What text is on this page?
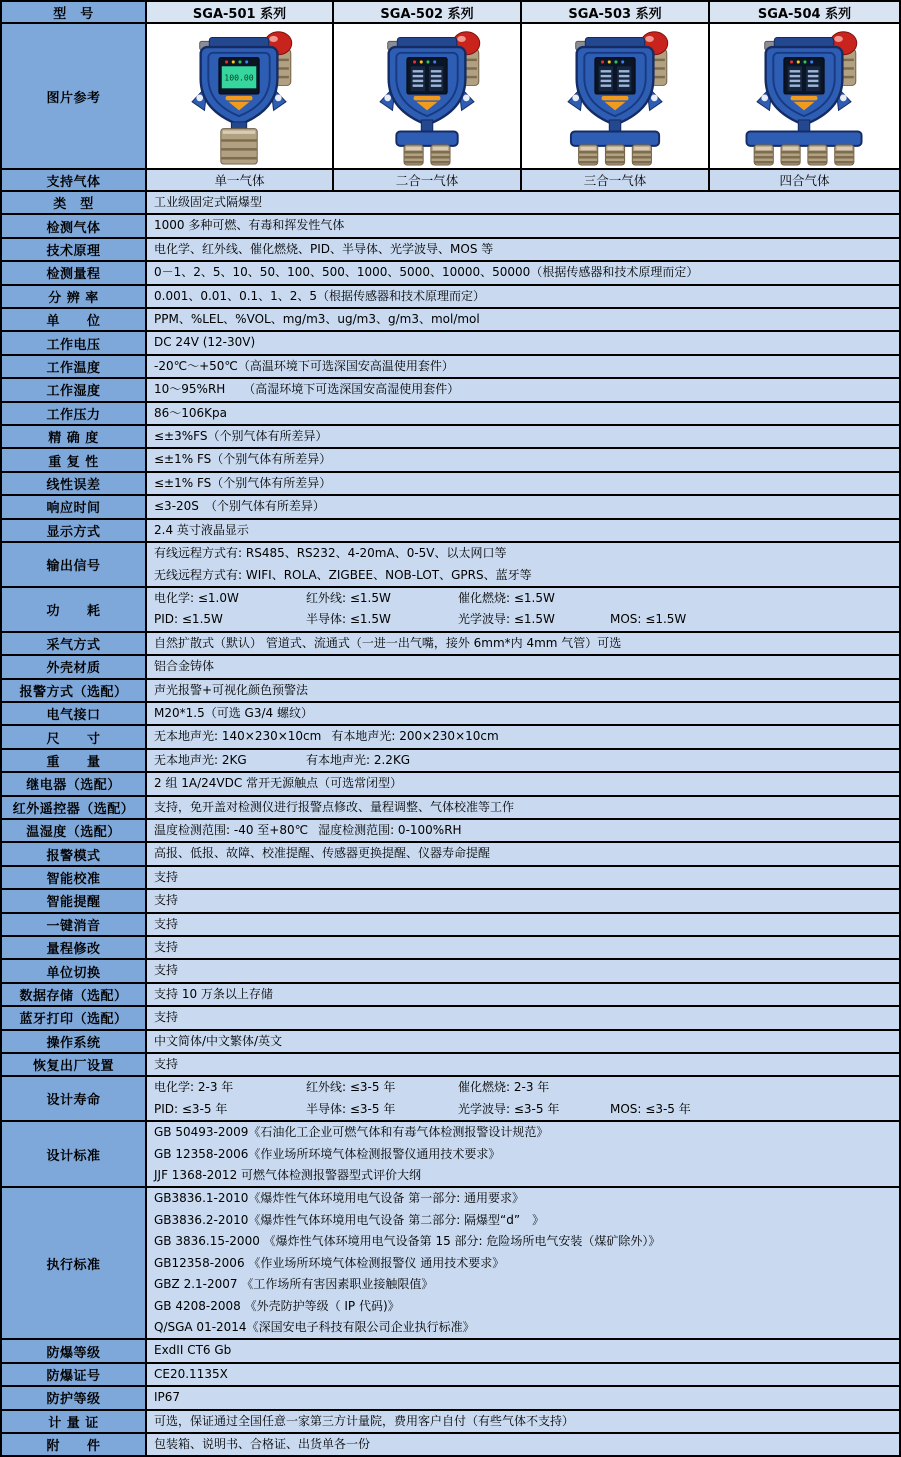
型　号	SGA-501 系列	SGA-502 系列	SGA-503 系列	SGA-504 系列
图片参考	100.00

支持气体	单一气体	二合一气体	三合一气体	四合气体
类　型	工业级固定式隔爆型			

检测气体	1000 多种可燃、有毒和挥发性气体			

技术原理	电化学、红外线、催化燃烧、PID、半导体、光学波导、MOS 等			

检测量程	0－1、2、5、10、50、100、500、1000、5000、10000、50000（根据传感器和技术原理而定）			

分 辨 率	0.001、0.01、0.1、1、2、5（根据传感器和技术原理而定）			

单　　位	PPM、%LEL、%VOL、mg/m3、ug/m3、g/m3、mol/mol			

工作电压	DC 24V (12-30V)			

工作温度	-20℃～+50℃（高温环境下可选深国安高温使用套件）			

工作湿度	10～95%RH　　（高湿环境下可选深国安高湿使用套件）			

工作压力	86～106Kpa			

精 确 度	≤±3%FS（个别气体有所差异）			

重 复 性	≤±1% FS（个别气体有所差异）			

线性误差	≤±1% FS（个别气体有所差异）			

响应时间	≤3-20S　（个别气体有所差异）			

显示方式	2.4 英寸液晶显示			

输出信号	有线远程方式有: RS485、RS232、4-20mA、0-5V、以太网口等
无线远程方式有: WIFI、ROLA、ZIGBEE、NOB-LOT、GPRS、蓝牙等			

功　　耗	电化学: ≤1.0W 红外线: ≤1.5W 催化燃烧: ≤1.5W
PID: ≤1.5W 半导体: ≤1.5W 光学波导: ≤1.5W MOS: ≤1.5W			

采气方式	自然扩散式（默认） 管道式、流通式（一进一出气嘴，接外 6mm*内 4mm 气管）可选			

外壳材质	铝合金铸体			

报警方式（选配）	声光报警+可视化颜色预警法			

电气接口	M20*1.5（可选 G3/4 螺纹）			

尺　　寸	无本地声光: 140×230×10cm 有本地声光: 200×230×10cm			

重　　量	无本地声光: 2KG 有本地声光: 2.2KG			

继电器（选配）	2 组 1A/24VDC 常开无源触点（可选常闭型）			

红外遥控器（选配）	支持，免开盖对检测仪进行报警点修改、量程调整、气体校准等工作			

温湿度（选配）	温度检测范围: -40 至+80℃ 湿度检测范围: 0-100%RH			

报警模式	高报、低报、故障、校准提醒、传感器更换提醒、仪器寿命提醒			

智能校准	支持			

智能提醒	支持			

一键消音	支持			

量程修改	支持			

单位切换	支持			

数据存储（选配）	支持 10 万条以上存储			

蓝牙打印（选配）	支持			

操作系统	中文简体/中文繁体/英文			

恢复出厂设置	支持			

设计寿命	电化学: 2-3 年 红外线: ≤3-5 年 催化燃烧: 2-3 年
PID: ≤3-5 年 半导体: ≤3-5 年 光学波导: ≤3-5 年 MOS: ≤3-5 年			

设计标准	GB 50493-2009《石油化工企业可燃气体和有毒气体检测报警设计规范》
GB 12358-2006《作业场所环境气体检测报警仪通用技术要求》
JJF 1368-2012 可燃气体检测报警器型式评价大纲			

执行标准	
GB3836.1-2010《爆炸性气体环境用电气设备 第一部分: 通用要求》
GB3836.2-2010《爆炸性气体环境用电气设备 第二部分: 隔爆型“d”　》
GB 3836.15-2000 《爆炸性气体环境用电气设备第 15 部分: 危险场所电气安装（煤矿除外）》
GB12358-2006 《作业场所环境气体检测报警仪 通用技术要求》
GBZ 2.1-2007 《工作场所有害因素职业接触限值》
GB 4208-2008 《外壳防护等级（ IP 代码)》
Q/SGA 01-2014《深国安电子科技有限公司企业执行标准》

防爆等级	ExdII CT6 Gb			

防爆证号	CE20.1135X			

防护等级	IP67			

计 量 证	可选，保证通过全国任意一家第三方计量院，费用客户自付（有些气体不支持）			

附　　件	包装箱、说明书、合格证、出货单各一份			
